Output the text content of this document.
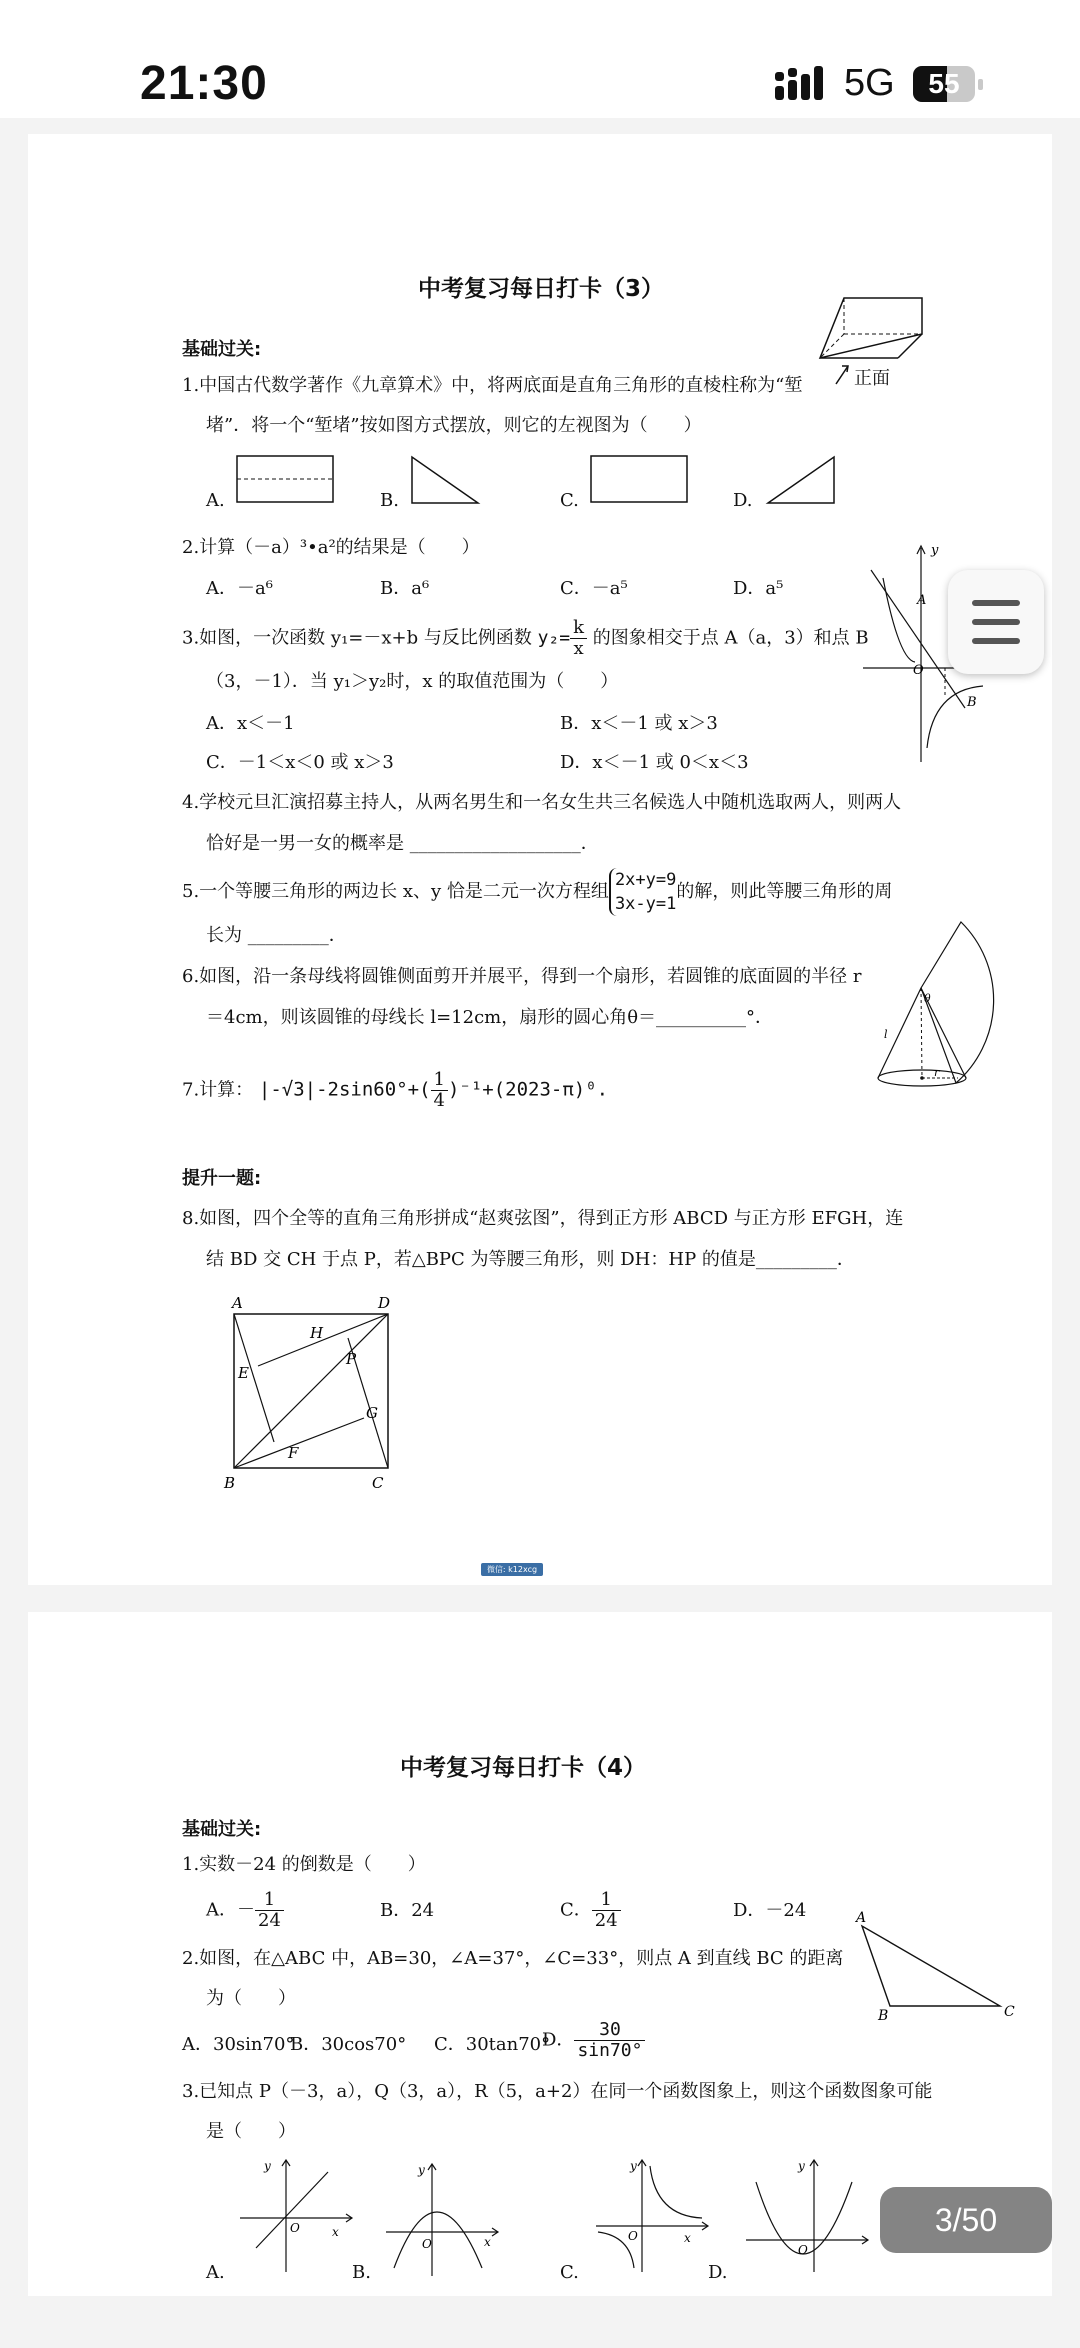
21:30	5G	55
中考复习每日打卡（3）
基础过关:
1.中国古代数学著作《九章算术》中，将两底面是直角三角形的直棱柱称为“堑
堵”．将一个“堑堵”按如图方式摆放，则它的左视图为（　　）
正面
A.	B.	C.	D.
2.计算（－a）³•a²的结果是（　　）
A．－a⁶	B．a⁶	C．－a⁵	D．a⁵
3.如图，一次函数 y₁=－x+b 与反比例函数 $y_2= \frac{k}{x}$ 的图象相交于点 A（a，3）和点 B
（3，－1）．当 y₁＞y₂时，x 的取值范围为（　　）
A．x＜－1	B．x＜－1 或 x＞3
C．－1＜x＜0 或 x＞3	D．x＜－1 或 0＜x＜3
y
A
O
B
4.学校元旦汇演招募主持人，从两名男生和一名女生共三名候选人中随机选取两人，则两人
恰好是一男一女的概率是 ___________________．
5.一个等腰三角形的两边长 x、y 恰是二元一次方程组
2x+y=9
3x-y=1
的解，则此等腰三角形的周
长为 _________．
6.如图，沿一条母线将圆锥侧面剪开并展平，得到一个扇形，若圆锥的底面圆的半径 r
＝4cm，则该圆锥的母线长 l=12cm，扇形的圆心角θ＝__________°．
θ
l
r
7.计算： $|-√3|-2\sin 60^\circ+( \frac{1}{4} )^{-1}+(2023-\pi)^0$.
提升一题:
8.如图，四个全等的直角三角形拼成“赵爽弦图”，得到正方形 ABCD 与正方形 EFGH，连
结 BD 交 CH 于点 P，若△BPC 为等腰三角形，则 DH：HP 的值是_________．
A	D
H
E
P
G
F
B	C
微信: k12xcg
中考复习每日打卡（4）
基础过关:
1.实数－24 的倒数是（　　）
A．－ $\frac{1}{24}$	B．24	C． $\frac{1}{24}$	D．－24
2.如图，在△ABC 中，AB=30，∠A=37°，∠C=33°，则点 A 到直线 BC 的距离
为（　　）
A．30sin70°
B．30cos70° C．30tan70°
D． $\frac{30}{\sin 70^\circ}$
A
B	C
3.已知点 P（－3，a），Q（3，a），R（5，a+2）在同一个函数图象上，则这个函数图象可能
是（　　）
y
x
O
y
x
O
y
x
O
y
O
A.	B.	C.	D.
3/50
